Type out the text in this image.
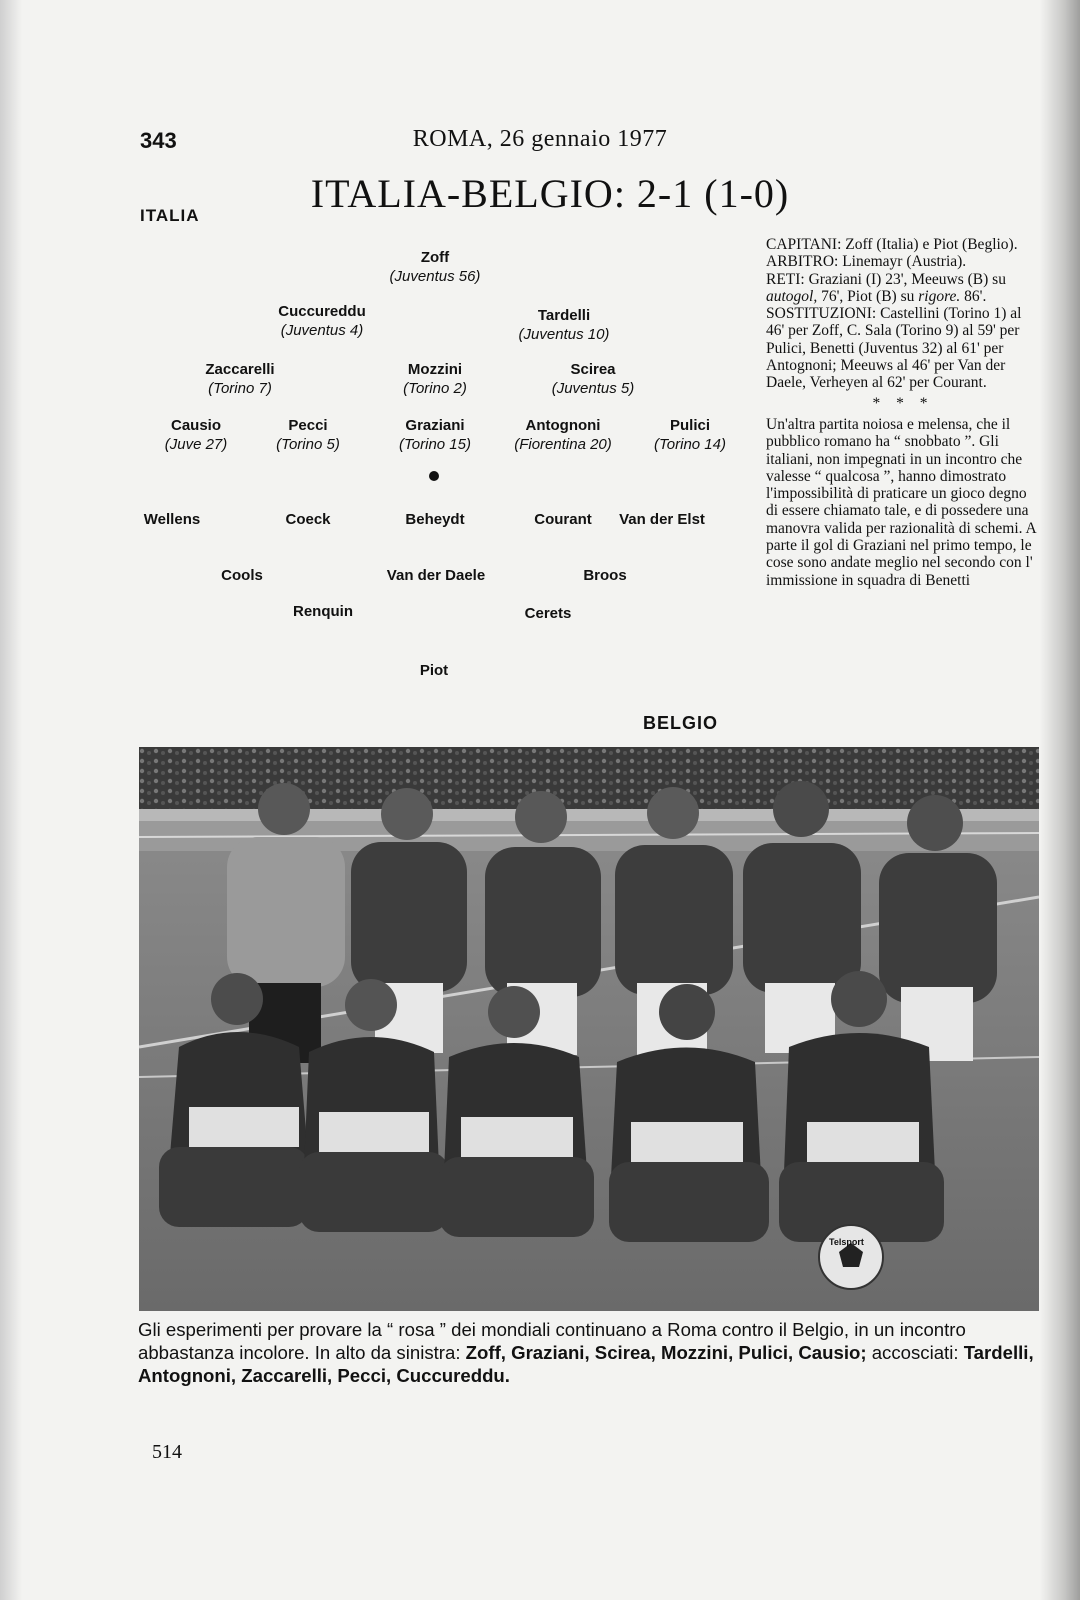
343	ROMA, 26 gennaio 1977
ITALIA-BELGIO: 2-1 (1-0)
ITALIA
BELGIO
Zoff
(Juventus 56)
Cuccureddu
(Juventus 4)
Tardelli
(Juventus 10)
Zaccarelli
(Torino 7)
Mozzini
(Torino 2)
Scirea
(Juventus 5)
Causio
(Juve 27)
Pecci
(Torino 5)
Graziani
(Torino 15)
Antognoni
(Fiorentina 20)
Pulici
(Torino 14)
Wellens	Coeck	Beheydt	Courant	Van der Elst
Cools	Van der Daele	Broos
Renquin	Cerets
Piot

CAPITANI: Zoff (Italia) e Piot (Beglio).

ARBITRO: Linemayr (Austria).

RETI: Graziani (I) 23', Meeuws (B) su autogol, 76', Piot (B) su rigore. 86'.

SOSTITUZIONI: Castellini (Torino 1) al 46' per Zoff, C. Sala (Torino 9) al 59' per Pulici, Benetti (Juventus 32) al 61' per Antognoni; Meeuws al 46' per Van der Daele, Verheyen al 62' per Courant.

* * *

Un'altra partita noiosa e melensa, che il pubblico romano ha “ snobbato ”. Gli italiani, non impegnati in un incontro che valesse “ qualcosa ”, hanno dimostrato l'impossibilità di praticare un gioco degno di essere chiamato tale, e di possedere una manovra valida per razionalità di schemi. A parte il gol di Graziani nel primo tempo, le cose sono andate meglio nel secondo con l' immissione in squadra di Benetti

Telsport
Gli esperimenti per provare la “ rosa ” dei mondiali continuano a Roma contro il Belgio, in un incontro abbastanza incolore. In alto da sinistra: Zoff, Graziani, Scirea, Mozzini, Pulici, Causio; accosciati: Tardelli, Antognoni, Zaccarelli, Pecci, Cuccureddu.
514
